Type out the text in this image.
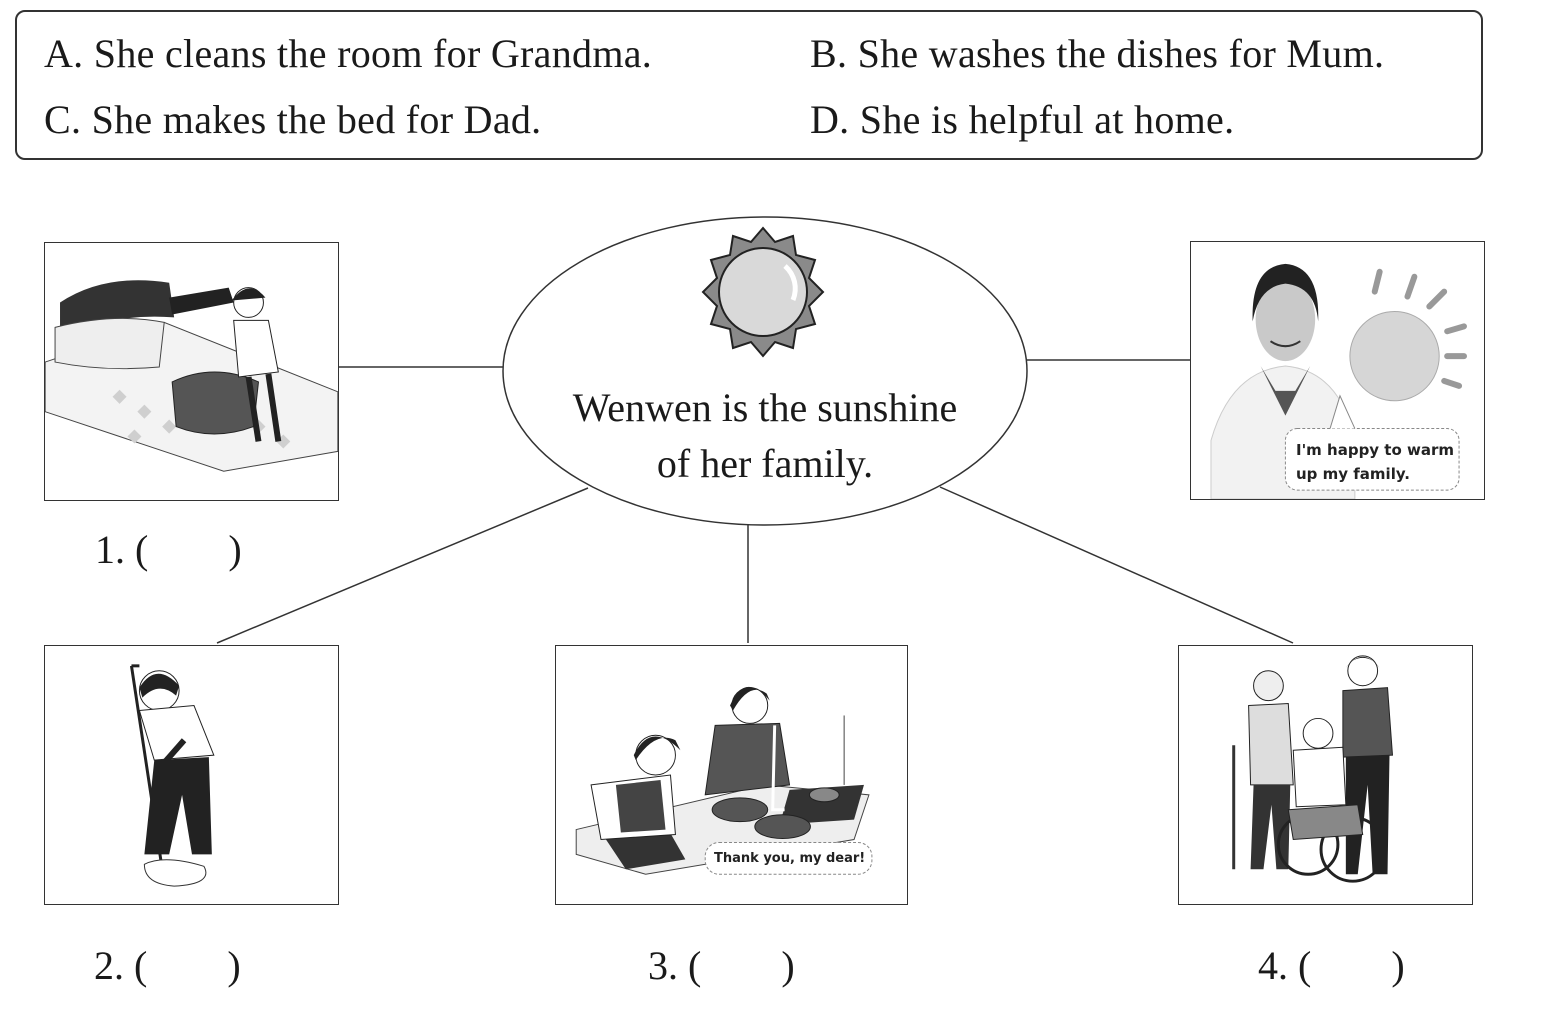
A. She cleans the room for Grandma.	B. She washes the dishes for Mum.
C. She makes the bed for Dad.	D. She is helpful at home.
Wenwen is the sunshine
of her family.
1. (        )
I'm happy to warm
up my family.
2. (        )
Thank you, my dear!
3. (        )	4. (        )
